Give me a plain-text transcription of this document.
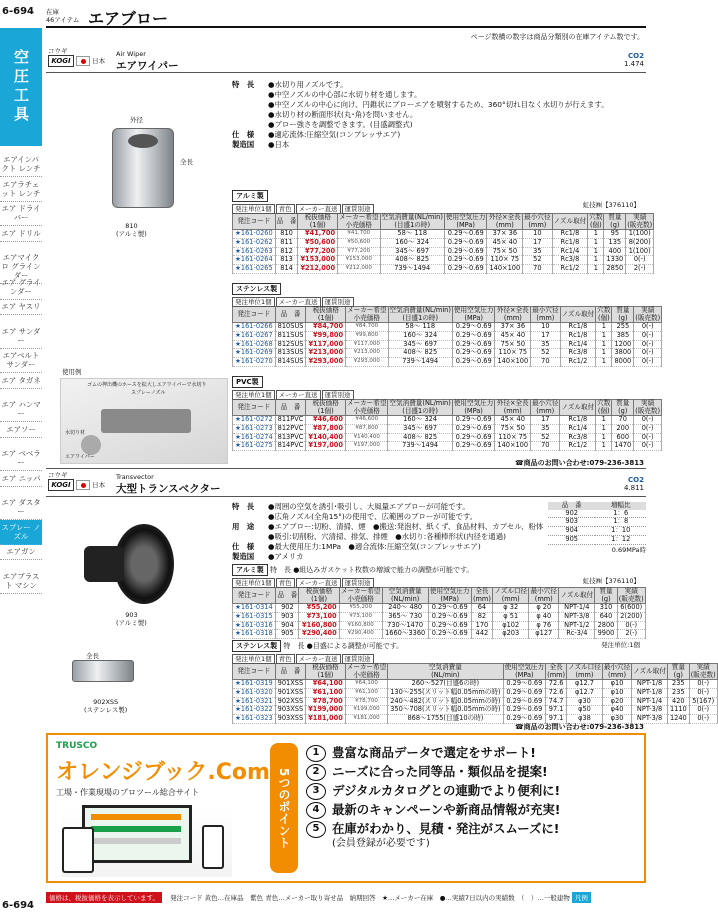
6-694
空圧工具
エアインパクト レンチ
エアラチェット レンチ
エア ドライバー
エア ドリル
エアマイクロ グラインダー
エア グラインダー
エア ヤスリ
エア サンダー
エアベルト サンダー
エア タガネ
エア ハンマー
エアソー
エア ベベラー
エア ニッパ
エア ダスター
スプレー ノズル
エアガン
エアブラスト マシン
6-694
在庫
46アイテム エアブロー
ページ数横の数字は商品分類別の在庫アイテム数です。
コウギ
KOGI	日本
Air Wiper
エアワイパー
CO2
1.474
特　長 ●水切り用ノズルです。
●中空ノズルの中心部に水切り材を通します。
●中空ノズルの中心に向け、円錐状にブローエアを噴射するため、360°切れ目なく水切りが行えます。
●水切り材の断面形状(丸･角)を問いません。
●ブロー強さを調整できます。(目盛調整式)
仕　様 ●適応流体:圧縮空気(コンプレッサエア)
製造国 ●日本
外径
全長
810
(アルミ製)
使用例
ゴムの押出機のホースを拡大しエアワイパーで水切り
スプレーノズル
水切り材
エアワイパー
アルミ製
発注単位1個 青色 メーカー直送 運賃別途	虹技㈱【376110】
発注コード	品　番	税抜価格
(1個)	メーカー希望
小売価格	空気消費量(NL/min)
(目盛1の時)	使用空気圧力
(MPa)	外径×全長
(mm)	最小穴径
(mm)	ノズル取付	穴数
(個)	質量
(g)	実績
(販売数)
★161-0260	810	¥41,700	¥41,700	58～ 118	0.29～0.69	37× 36	10	Rc1/8	1	95	1(100)
★161-0262	811	¥50,600	¥50,600	160～ 324	0.29～0.69	45× 40	17	Rc1/8	1	135	8(200)
★161-0263	812	¥77,200	¥77,200	345～ 697	0.29～0.69	75× 50	35	Rc1/4	1	400	1(100)
★161-0264	813	¥153,000	¥153,000	408～ 825	0.29～0.69	110× 75	52	Rc3/8	1	1330	0(-)
★161-0265	814	¥212,000	¥212,000	739～1494	0.29～0.69	140×100	70	Rc1/2	1	2850	2(-)
ステンレス製
発注単位1個 メーカー直送 運賃別途
発注コード	品　番	税抜価格
(1個)	メーカー希望
小売価格	空気消費量(NL/min)
(目盛1の時)	使用空気圧力
(MPa)	外径×全長
(mm)	最小穴径
(mm)	ノズル取付	穴数
(個)	質量
(g)	実績
(販売数)
★161-0266	810SUS	¥84,700	¥84,700	58～ 118	0.29～0.69	37× 36	10	Rc1/8	1	255	0(-)
★161-0267	811SUS	¥99,800	¥99,800	160～ 324	0.29～0.69	45× 40	17	Rc1/8	1	385	0(-)
★161-0268	812SUS	¥117,000	¥117,000	345～ 697	0.29～0.69	75× 50	35	Rc1/4	1	1200	0(-)
★161-0269	813SUS	¥213,000	¥213,000	408～ 825	0.29～0.69	110× 75	52	Rc3/8	1	3800	0(-)
★161-0270	814SUS	¥293,000	¥293,000	739～1494	0.29～0.69	140×100	70	Rc1/2	1	8000	0(-)
PVC製
発注単位1個 メーカー直送 運賃別途
発注コード	品　番	税抜価格
(1個)	メーカー希望
小売価格	空気消費量(NL/min)
(目盛1の時)	使用空気圧力
(MPa)	外径×全長
(mm)	最小穴径
(mm)	ノズル取付	穴数
(個)	質量
(g)	実績
(販売数)
★161-0272	811PVC	¥46,600	¥46,600	160～ 324	0.29～0.69	45× 40	17	Rc1/8	1	70	0(-)
★161-0273	812PVC	¥87,800	¥87,800	345～ 697	0.29～0.69	75× 50	35	Rc1/4	1	200	0(-)
★161-0274	813PVC	¥140,400	¥140,400	408～ 825	0.29～0.69	110× 75	52	Rc3/8	1	600	0(-)
★161-0275	814PVC	¥197,000	¥197,000	739～1494	0.29～0.69	140×100	70	Rc1/2	1	1470	0(-)
☎商品のお問い合わせ:079-236-3813
コウギ
KOGI	日本
Transvector
大型トランスベクター
CO2
4.811
特　長 ●周囲の空気を誘引･吸引し、大風量エアブローが可能です。
●広角ノズル(全角15°)の使用で、広範囲のブローが可能です。
用　途 ●エアブロー:切粉、清掃、煙　●搬送:発泡材、紙くず、食品材料、カプセル、粉体
●吸引:切削粉、穴清掃、排気、排煙　●水切り:各種棒形状(内径を通過)
仕　様 ●最大使用圧力:1MPa　●適合流体:圧縮空気(コンプレッサエア)
製造国 ●アメリカ
品　番	増幅比
902	1：6
903	1：8
904	1：10
905	1：12
0.69MPa時
903
(アルミ製)
全長
902XSS
(ステンレス製)
アルミ製 特　長 ●組込みガスケット枚数の増減で能力の調整が可能です。
発注単位1個 青色 メーカー直送 運賃別途	虹技㈱【376110】
発注コード	品　番	税抜価格
(1個)	メーカー希望
小売価格	空気消費量
(NL/min)	使用空気圧力
(MPa)	全長
(mm)	ノズル口径
(mm)	最小穴径
(mm)	ノズル取付	質量
(g)	実績
(販売数)
★161-0314	902	¥55,200	¥55,200	240～ 480	0.29～0.69	64	φ 32	φ 20	NPT-1/4	310	6(600)
★161-0315	903	¥73,100	¥73,100	365～ 730	0.29～0.69	82	φ 51	φ 40	NPT-3/8	640	2(200)
★161-0316	904	¥160,800	¥160,800	730～1470	0.29～0.69	170	φ102	φ 76	NPT-1/2	2800	0(-)
★161-0318	905	¥290,400	¥290,400	1660～3360	0.29～0.69	442	φ203	φ127	Rc-3/4	9900	2(-)
ステンレス製 特　長 ●目盛による調整が可能です。	発注単位:1個
発注単位1個 青色 メーカー直送 運賃別途
発注コード	品　番	税抜価格
(1個)	メーカー希望
小売価格	空気消費量
(NL/min)	使用空気圧力
(MPa)	全長
(mm)	ノズル口径
(mm)	最小穴径
(mm)	ノズル取付	質量
(g)	実績
(販売数)
★161-0319	901XSS	¥64,100	¥64,100	260～527(目盛6の時)	0.29～0.69	72.6	φ12.7	φ10	NPT-1/8	235	0(-)
★161-0320	901XSS	¥61,100	¥61,100	130～255(スリット幅0.05mmの時)	0.29～0.69	72.6	φ12.7	φ10	NPT-1/8	235	0(-)
★161-0321	902XSS	¥78,700	¥78,700	240～482(スリット幅0.05mmの時)	0.29～0.69	74.7	φ30	φ20	NPT-1/4	420	5(167)
★161-0322	903XSS	¥199,000	¥199,000	350～708(スリット幅0.05mmの時)	0.29～0.69	97.1	φ50	φ40	NPT-3/8	1110	0(-)
★161-0323	903XSS	¥181,000	¥181,000	868～1755(目盛10の時)	0.29～0.69	97.1	φ38	φ30	NPT-3/8	1240	0(-)
☎商品のお問い合わせ:079-236-3813
TRUSCO
オレンジブック.Com
工場・作業現場のプロツール総合サイト	5つのポイント
1 豊富な商品データで選定をサポート!
2 ニーズに合った同等品・類似品を提案!
3 デジタルカタログとの連動でより便利に!
4 最新のキャンペーンや新商品情報が充実!
5 在庫がわかり、見積・発注がスムーズに!
(会員登録が必要です)
価格は、税抜価格を表示しています。 発注コード 黄色…在庫品　紫色 青色…メーカー取り寄せ品　納期回答　★…メーカー在庫　●…実績7日以内の実績数　（　）…一般建物 凡例
